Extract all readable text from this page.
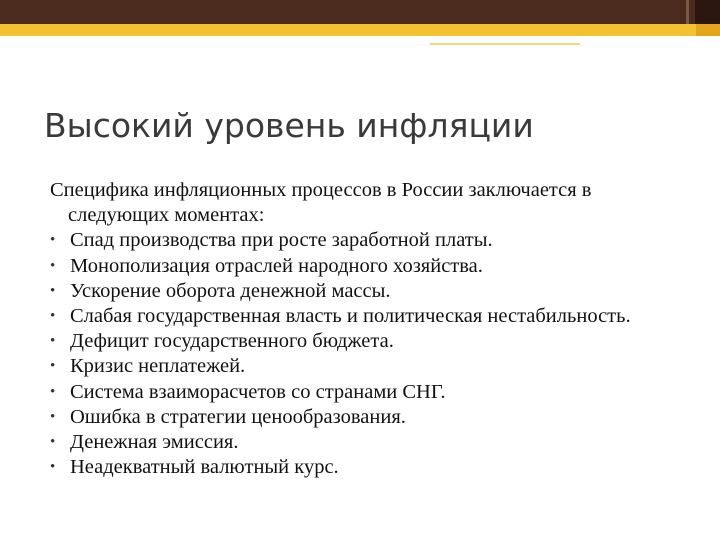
Высокий уровень инфляции

Специфика инфляционных процессов в России заключается в следующих моментах:

• Спад производства при росте заработной платы.
• Монополизация отраслей народного хозяйства.
• Ускорение оборота денежной массы.
• Слабая государственная власть и политическая нестабильность.
• Дефицит государственного бюджета.
• Кризис неплатежей.
• Система взаиморасчетов со странами СНГ.
• Ошибка в стратегии ценообразования.
• Денежная эмиссия.
• Неадекватный валютный курс.
